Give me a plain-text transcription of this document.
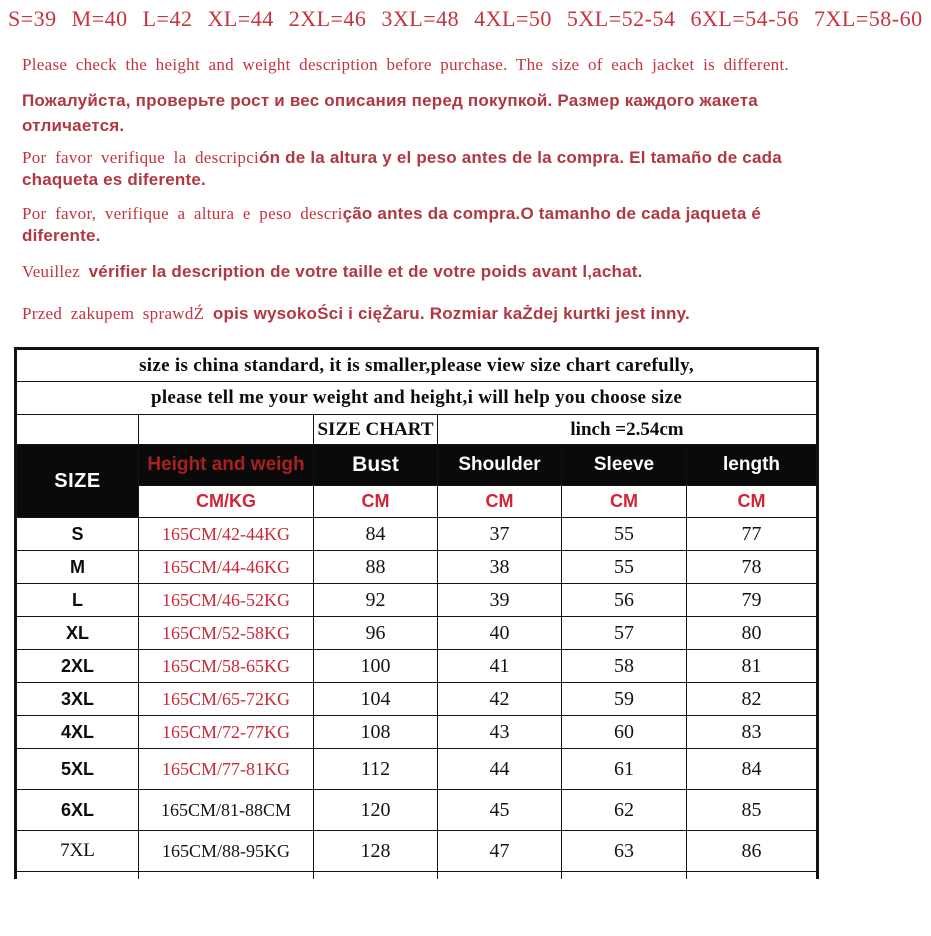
S=39 M=40 L=42 XL=44 2XL=46 3XL=48 4XL=50 5XL=52-54 6XL=54-56 7XL=58-60

Please check the height and weight description before purchase. The size of each jacket is different.

Пожалуйста, проверьте рост и вес описания перед покупкой. Размер каждого жакета отличается.

Por favor verifique la descripción de la altura y el peso antes de la compra. El tamaño de cada chaqueta es diferente.

Por favor, verifique a altura e peso descrição antes da compra.O tamanho de cada jaqueta é diferente.

Veuillez vérifier la description de votre taille et de votre poids avant l‚achat.

Przed zakupem sprawdŹ opis wysokoŚci i cięŻaru. Rozmiar kaŻdej kurtki jest inny.

size is china standard, it is smaller,please view size chart carefully,					
please tell me your weight and height,i will help you choose size					
		SIZE CHART	linch =2.54cm		
SIZE	Height and weigh	Bust	Shoulder	Sleeve	length
	CM/KG	CM	CM	CM	CM
S	165CM/42-44KG	84	37	55	77
M	165CM/44-46KG	88	38	55	78
L	165CM/46-52KG	92	39	56	79
XL	165CM/52-58KG	96	40	57	80
2XL	165CM/58-65KG	100	41	58	81
3XL	165CM/65-72KG	104	42	59	82
4XL	165CM/72-77KG	108	43	60	83
5XL	165CM/77-81KG	112	44	61	84
6XL	165CM/81-88CM	120	45	62	85
7XL	165CM/88-95KG	128	47	63	86
